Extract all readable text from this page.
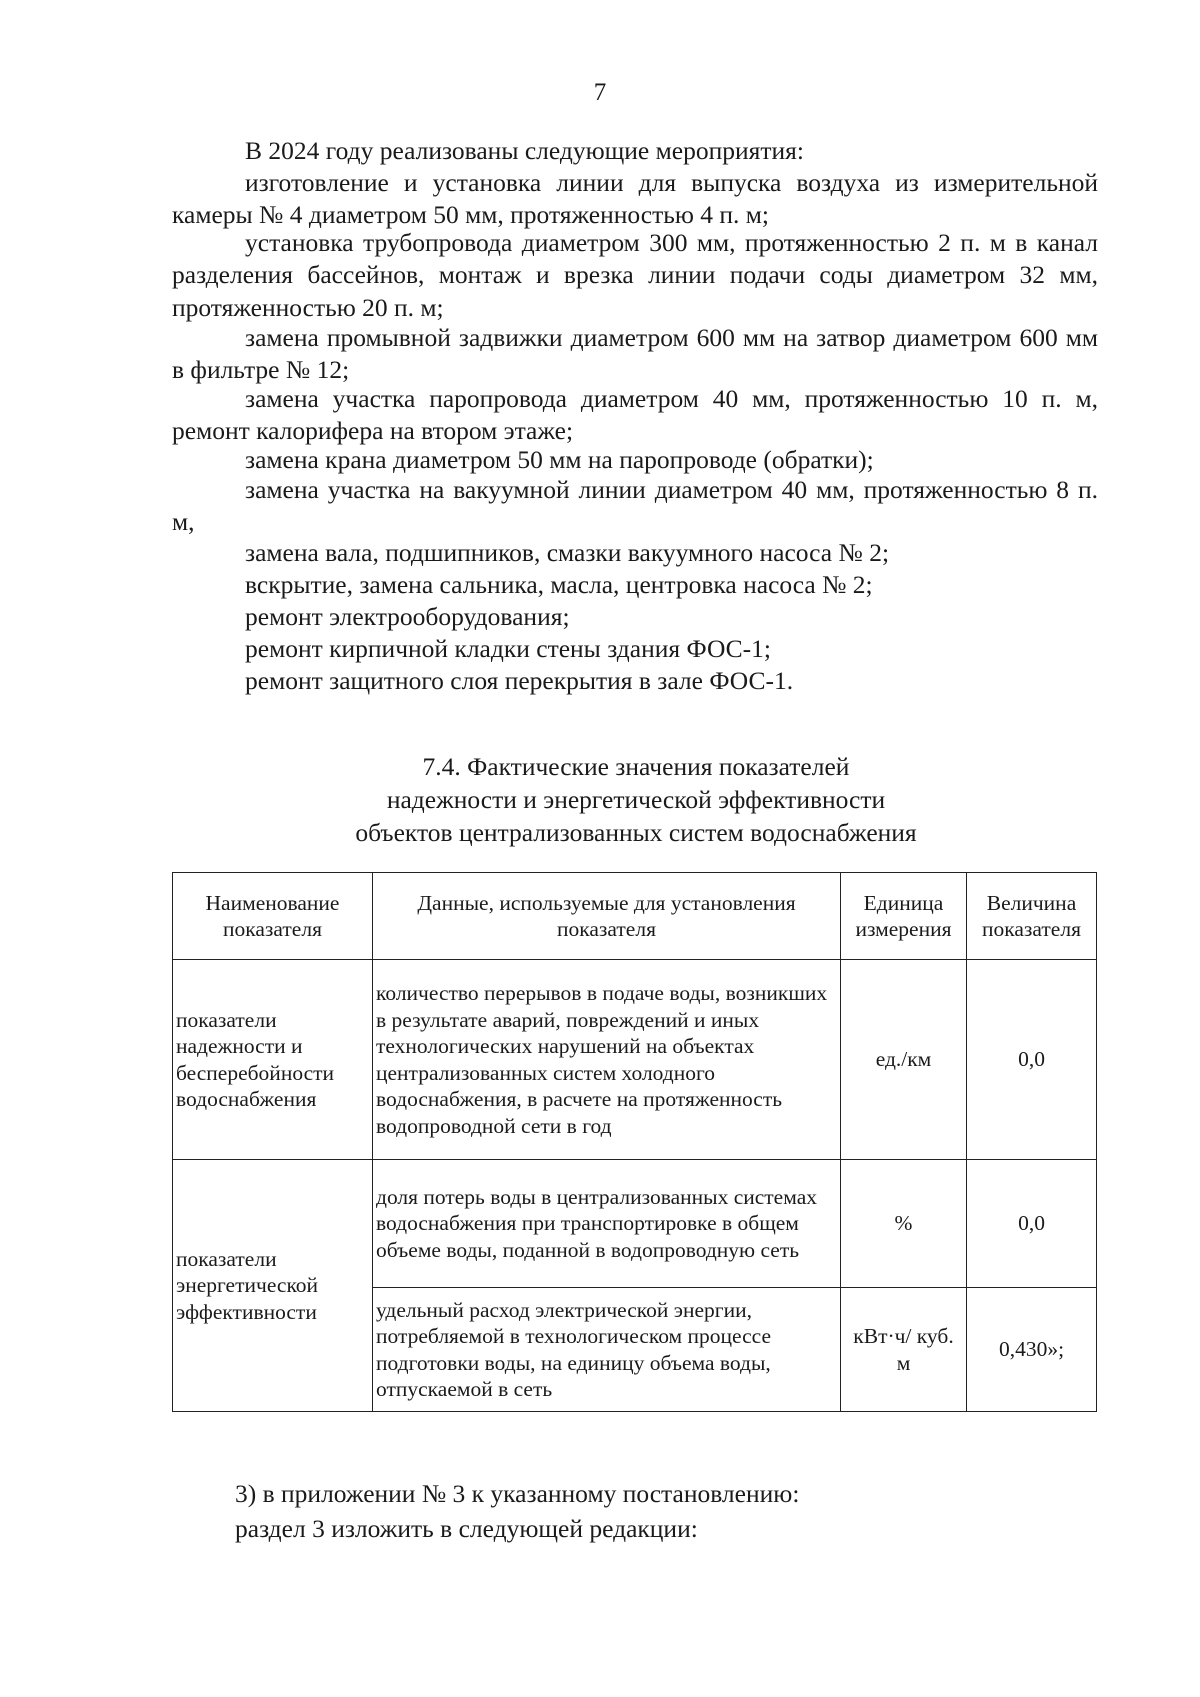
7

В 2024 году реализованы следующие мероприятия:

изготовление и установка линии для выпуска воздуха из измерительной камеры № 4 диаметром 50 мм, протяженностью 4 п. м;

установка трубопровода диаметром 300 мм, протяженностью 2 п. м в канал разделения бассейнов, монтаж и врезка линии подачи соды диаметром 32 мм, протяженностью 20 п. м;

замена промывной задвижки диаметром 600 мм на затвор диаметром 600 мм в фильтре № 12;

замена участка паропровода диаметром 40 мм, протяженностью 10 п. м, ремонт калорифера на втором этаже;

замена крана диаметром 50 мм на паропроводе (обратки);

замена участка на вакуумной линии диаметром 40 мм, протяженностью 8 п. м,

замена вала, подшипников, смазки вакуумного насоса № 2;

вскрытие, замена сальника, масла, центровка насоса № 2;

ремонт электрооборудования;

ремонт кирпичной кладки стены здания ФОС-1;

ремонт защитного слоя перекрытия в зале ФОС-1.

7.4. Фактические значения показателей
надежности и энергетической эффективности
объектов централизованных систем водоснабжения
Наименование показателя	Данные, используемые для установления показателя	Единица измерения	Величина показателя
показатели надежности и бесперебойности водоснабжения	количество перерывов в подаче воды, возникших в результате аварий, повреждений и иных технологических нарушений на объектах централизованных систем холодного водоснабжения, в расчете на протяженность водопроводной сети в год	ед./км	0,0
показатели энергетической эффективности	доля потерь воды в централизованных системах водоснабжения при транспортировке в общем объеме воды, поданной в водопроводную сеть	%	0,0
	удельный расход электрической энергии, потребляемой в технологическом процессе подготовки воды, на единицу объема воды, отпускаемой в сеть	кВт·ч/ куб. м	0,430»;
3) в приложении № 3 к указанному постановлению:
раздел 3 изложить в следующей редакции:
